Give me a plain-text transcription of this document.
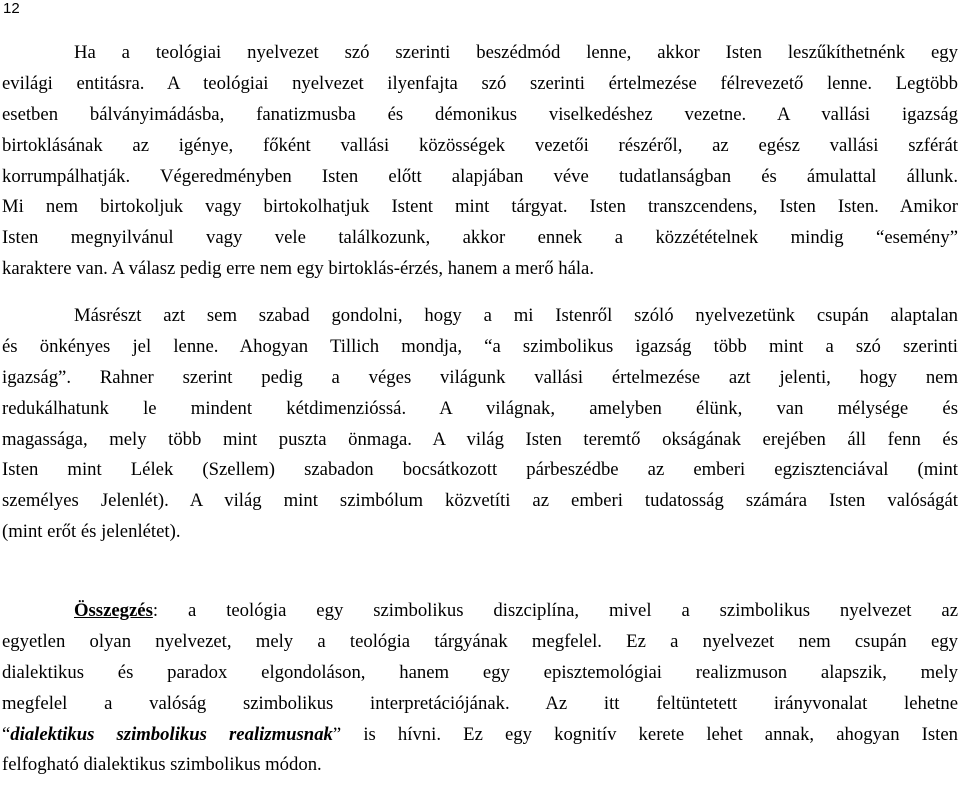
12
Ha a teológiai nyelvezet szó szerinti beszédmód lenne, akkor Isten leszűkíthetnénk egy
evilági entitásra. A teológiai nyelvezet ilyenfajta szó szerinti értelmezése félrevezető lenne. Legtöbb
esetben bálványimádásba, fanatizmusba és démonikus viselkedéshez vezetne. A vallási igazság
birtoklásának az igénye, főként vallási közösségek vezetői részéről, az egész vallási szférát
korrumpálhatják. Végeredményben Isten előtt alapjában véve tudatlanságban és ámulattal állunk.
Mi nem birtokoljuk vagy birtokolhatjuk Istent mint tárgyat. Isten transzcendens, Isten Isten. Amikor
Isten megnyilvánul vagy vele találkozunk, akkor ennek a közzétételnek mindig “esemény”
karaktere van. A válasz pedig erre nem egy birtoklás-érzés, hanem a merő hála.
Másrészt azt sem szabad gondolni, hogy a mi Istenről szóló nyelvezetünk csupán alaptalan
és önkényes jel lenne. Ahogyan Tillich mondja, “a szimbolikus igazság több mint a szó szerinti
igazság”. Rahner szerint pedig a véges világunk vallási értelmezése azt jelenti, hogy nem
redukálhatunk le mindent kétdimenzióssá. A világnak, amelyben élünk, van mélysége és
magassága, mely több mint puszta önmaga. A világ Isten teremtő okságának erejében áll fenn és
Isten mint Lélek (Szellem) szabadon bocsátkozott párbeszédbe az emberi egzisztenciával (mint
személyes Jelenlét). A világ mint szimbólum közvetíti az emberi tudatosság számára Isten valóságát
(mint erőt és jelenlétet).
Összegzés: a teológia egy szimbolikus diszciplína, mivel a szimbolikus nyelvezet az
egyetlen olyan nyelvezet, mely a teológia tárgyának megfelel. Ez a nyelvezet nem csupán egy
dialektikus és paradox elgondoláson, hanem egy episztemológiai realizmuson alapszik, mely
megfelel a valóság szimbolikus interpretációjának. Az itt feltüntetett irányvonalat lehetne
“dialektikus szimbolikus realizmusnak” is hívni. Ez egy kognitív kerete lehet annak, ahogyan Isten
felfogható dialektikus szimbolikus módon.
